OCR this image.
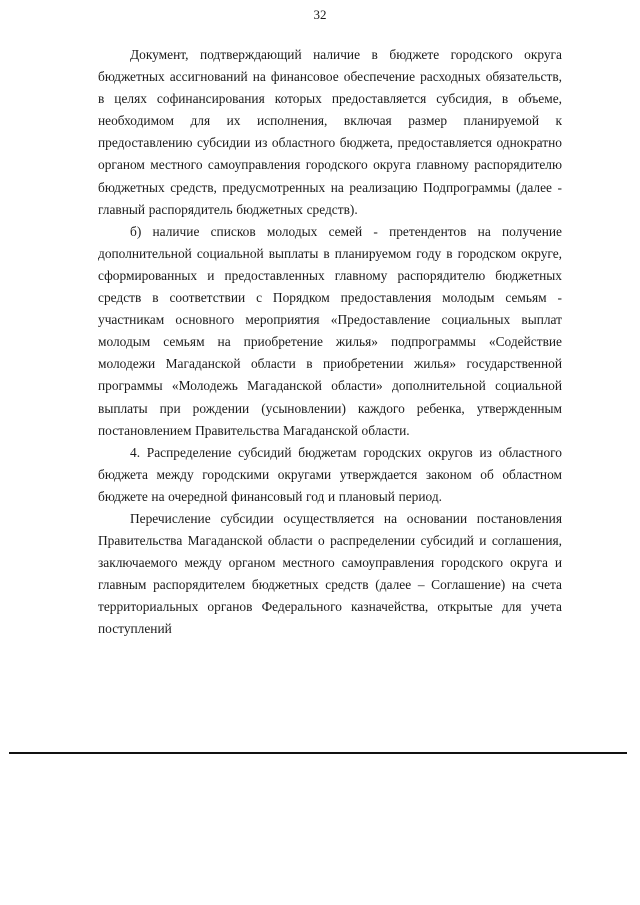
32

Документ, подтверждающий наличие в бюджете городского округа бюджетных ассигнований на финансовое обеспечение расходных обязательств, в целях софинансирования которых предоставляется субсидия, в объеме, необходимом для их исполнения, включая размер планируемой к предоставлению субсидии из областного бюджета, предоставляется однократно органом местного самоуправления городского округа главному распорядителю бюджетных средств, предусмотренных на реализацию Подпрограммы (далее - главный распорядитель бюджетных средств).

б) наличие списков молодых семей - претендентов на получение дополнительной социальной выплаты в планируемом году в городском округе, сформированных и предоставленных главному распорядителю бюджетных средств в соответствии с Порядком предоставления молодым семьям - участникам основного мероприятия «Предоставление социальных выплат молодым семьям на приобретение жилья» подпрограммы «Содействие молодежи Магаданской области в приобретении жилья» государственной программы «Молодежь Магаданской области» дополнительной социальной выплаты при рождении (усыновлении) каждого ребенка, утвержденным постановлением Правительства Магаданской области.

4. Распределение субсидий бюджетам городских округов из областного бюджета между городскими округами утверждается законом об областном бюджете на очередной финансовый год и плановый период.

Перечисление субсидии осуществляется на основании постановления Правительства Магаданской области о распределении субсидий и соглашения, заключаемого между органом местного самоуправления городского округа и главным распорядителем бюджетных средств (далее – Соглашение) на счета территориальных органов Федерального казначейства, открытые для учета поступлений
